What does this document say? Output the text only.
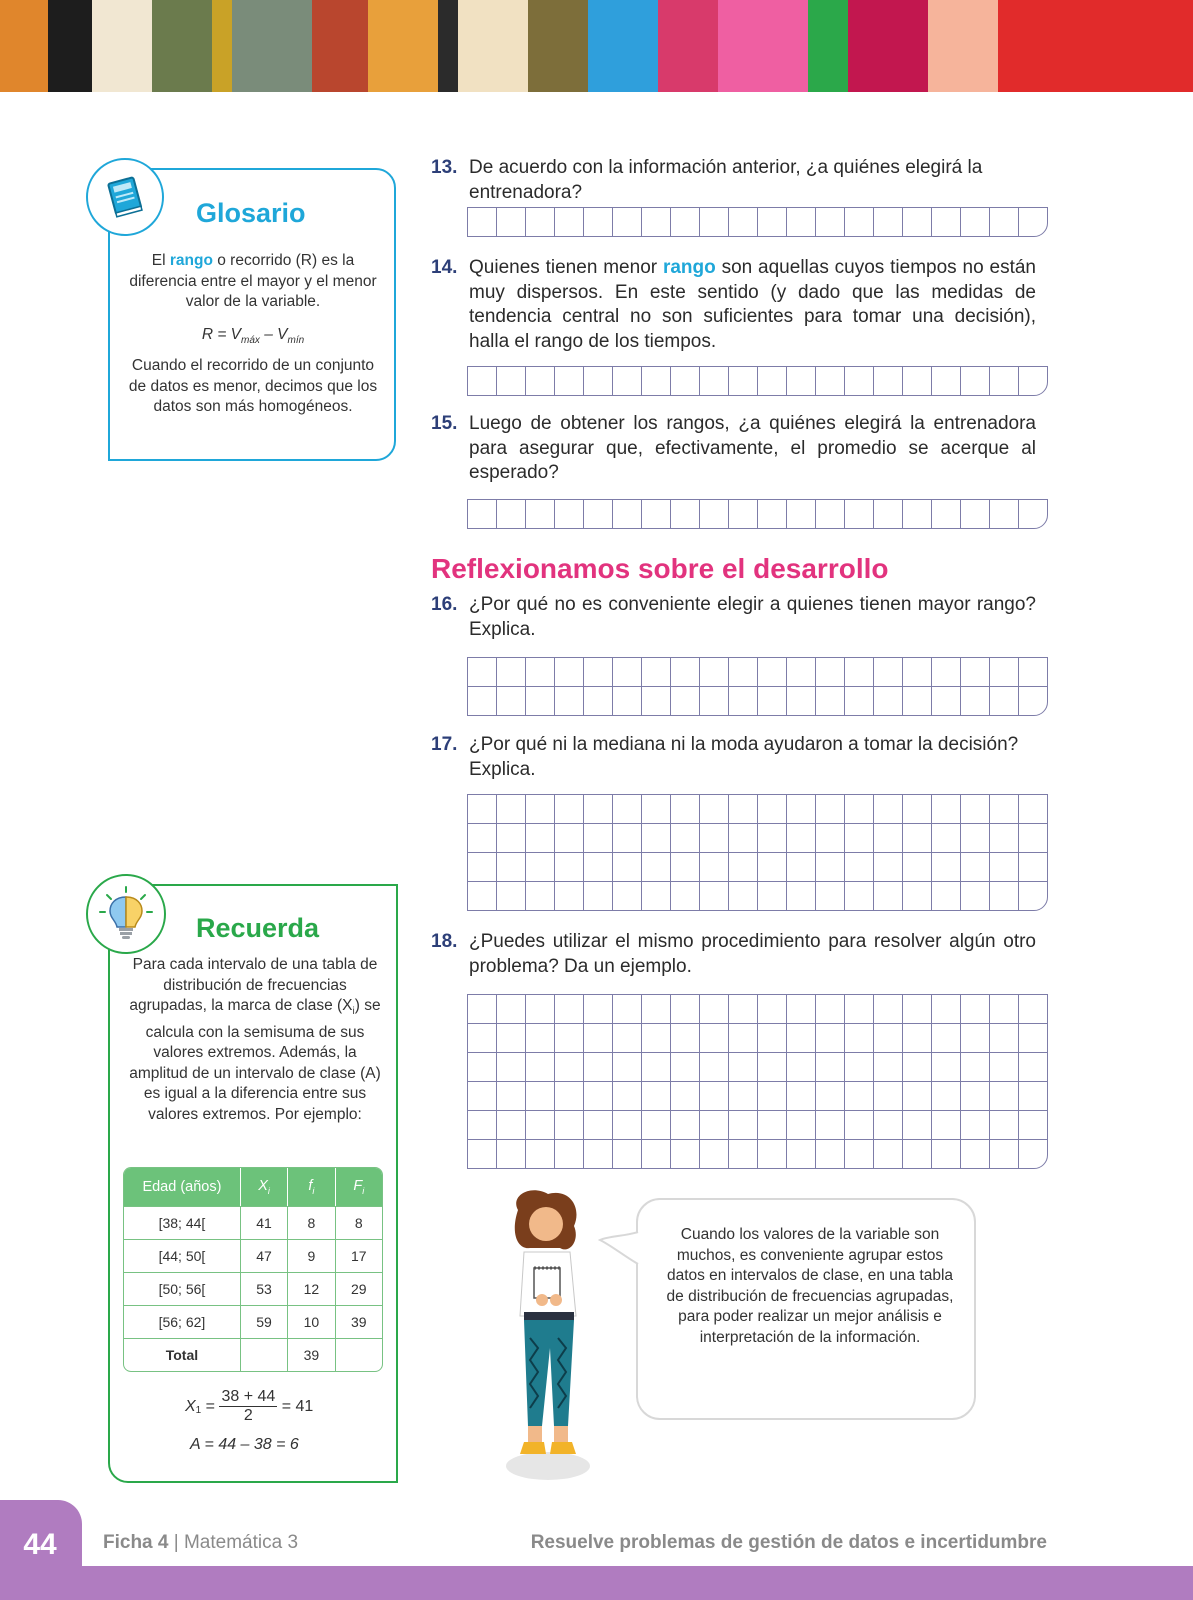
Glosario
El rango o recorrido (R) es la diferencia entre el mayor y el menor valor de la variable.
$R = V_{máx} - V_{mín}$
Cuando el recorrido de un conjunto de datos es menor, decimos que los datos son más homogéneos.
13. De acuerdo con la información anterior, ¿a quiénes elegirá la entrenadora?
14. Quienes tienen menor rango son aquellas cuyos tiempos no están muy dispersos. En este sentido (y dado que las medidas de tendencia central no son suficientes para tomar una decisión), halla el rango de los tiempos.
15. Luego de obtener los rangos, ¿a quiénes elegirá la entrenadora para asegurar que, efectivamente, el promedio se acerque al esperado?
Reflexionamos sobre el desarrollo
16. ¿Por qué no es conveniente elegir a quienes tienen mayor rango? Explica.
17. ¿Por qué ni la mediana ni la moda ayudaron a tomar la decisión? Explica.
18. ¿Puedes utilizar el mismo procedimiento para resolver algún otro problema? Da un ejemplo.
Recuerda
Para cada intervalo de una tabla de distribución de frecuencias agrupadas, la marca de clase $(X_i)$ se calcula con la semisuma de sus valores extremos. Además, la amplitud de un intervalo de clase (A) es igual a la diferencia entre sus valores extremos. Por ejemplo:
Edad (años)	$X_i$	$f_i$	$F_i$
[38; 44[	41	8	8
[44; 50[	47	9	17
[50; 56[	53	12	29
[56; 62]	59	10	39
Total		39	
$X_1 = \frac{38 + 44}{2} = 41$
A = 44 – 38 = 6
Cuando los valores de la variable son muchos, es conveniente agrupar estos datos en intervalos de clase, en una tabla de distribución de frecuencias agrupadas, para poder realizar un mejor análisis e interpretación de la información.
44	Ficha 4 | Matemática 3	Resuelve problemas de gestión de datos e incertidumbre
